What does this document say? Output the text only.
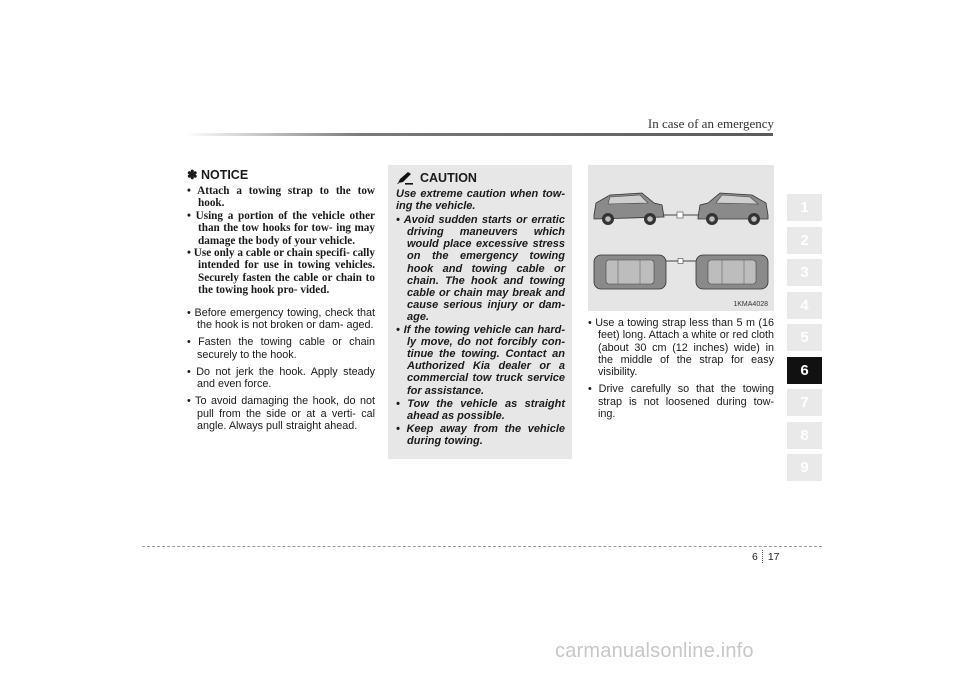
In case of an emergency
✽ NOTICE
• Attach a towing strap to the tow hook.
• Using a portion of the vehicle other than the tow hooks for tow- ing may damage the body of your vehicle.
• Use only a cable or chain specifi- cally intended for use in towing vehicles. Securely fasten the cable or chain to the towing hook pro- vided.
• Before emergency towing, check that the hook is not broken or dam- aged.
• Fasten the towing cable or chain securely to the hook.
• Do not jerk the hook. Apply steady and even force.
• To avoid damaging the hook, do not pull from the side or at a verti- cal angle. Always pull straight ahead.
CAUTION

Use extreme caution when tow- ing the vehicle.

• Avoid sudden starts or erratic driving maneuvers which would place excessive stress on the emergency towing hook and towing cable or chain. The hook and towing cable or chain may break and cause serious injury or dam- age.
• If the towing vehicle can hard- ly move, do not forcibly con- tinue the towing. Contact an Authorized Kia dealer or a commercial tow truck service for assistance.
• Tow the vehicle as straight ahead as possible.
• Keep away from the vehicle during towing.
1KMA4028
• Use a towing strap less than 5 m (16 feet) long. Attach a white or red cloth (about 30 cm (12 inches) wide) in the middle of the strap for easy visibility.
• Drive carefully so that the towing strap is not loosened during tow- ing.
1
2
3
4
5
6
7
8
9
6 17
carmanualsonline.info
